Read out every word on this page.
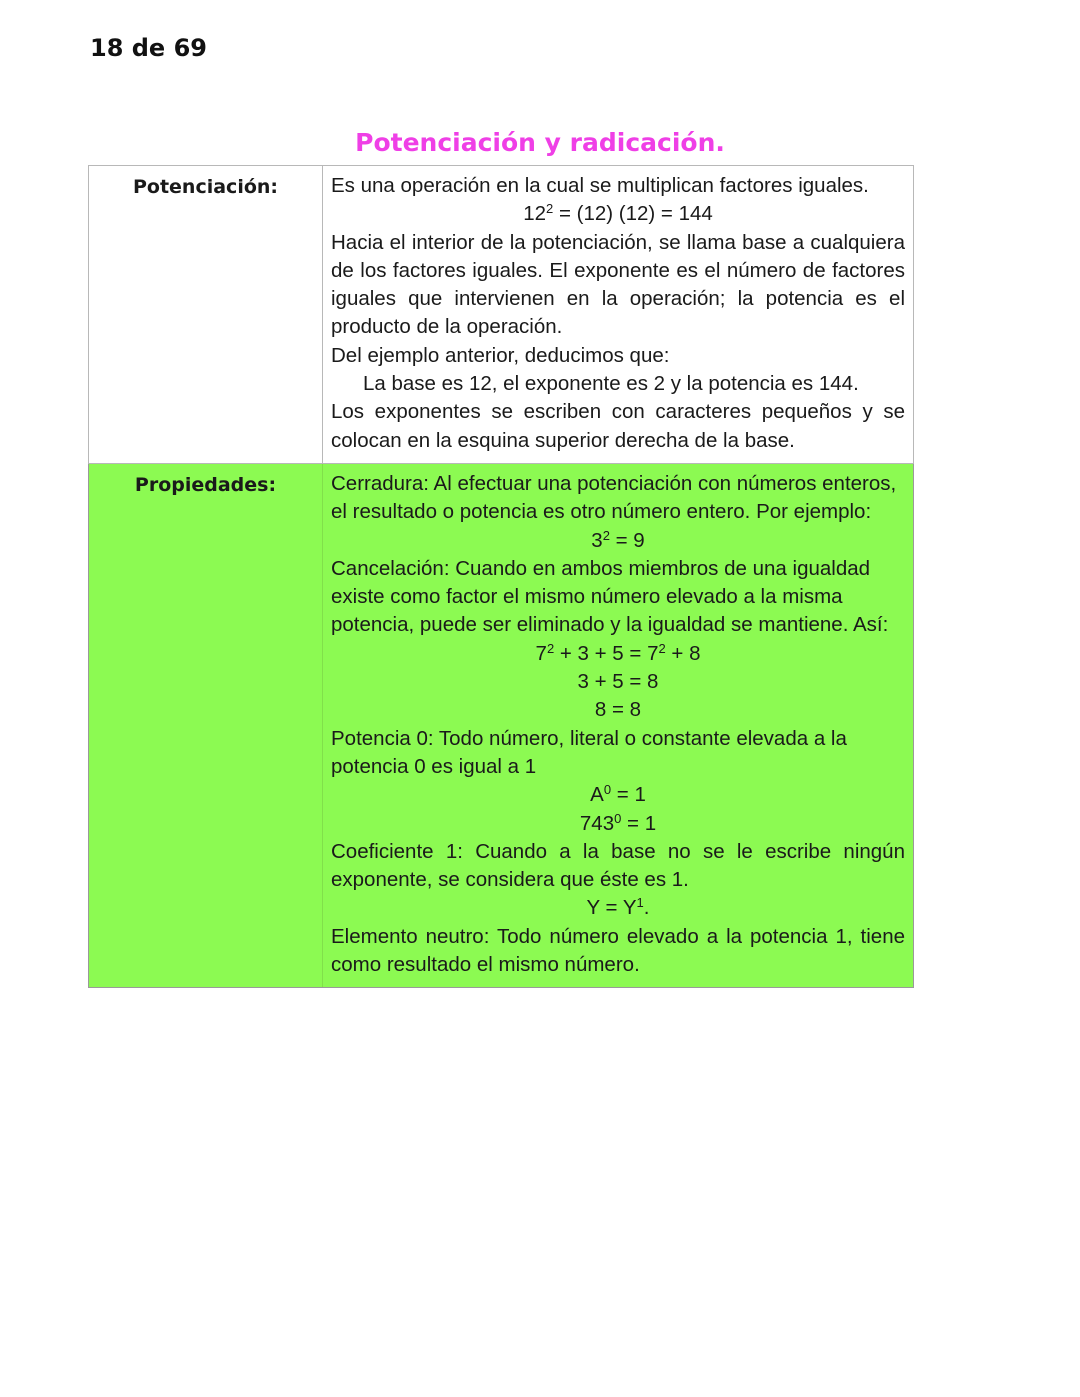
18 de 69
Potenciación y radicación.
Potenciación:	Es una operación en la cual se multiplican factores iguales.

$12^2 = (12) (12) = 144$

Hacia el interior de la potenciación, se llama base a cualquiera de los factores iguales. El exponente es el número de factores iguales que intervienen en la operación; la potencia es el producto de la operación.

Del ejemplo anterior, deducimos que:

La base es 12, el exponente es 2 y la potencia es 144.

Los exponentes se escriben con caracteres pequeños y se colocan en la esquina superior derecha de la base.

Propiedades:	Cerradura: Al efectuar una potenciación con números enteros, el resultado o potencia es otro número entero. Por ejemplo:

$3^2 = 9$

Cancelación: Cuando en ambos miembros de una igualdad existe como factor el mismo número elevado a la misma potencia, puede ser eliminado y la igualdad se mantiene. Así:

$7^2 + 3 + 5 = 7^2 + 8$

3 + 5 = 8

8 = 8

Potencia 0: Todo número, literal o constante elevada a la potencia 0 es igual a 1

$A^0 = 1$

$743^0 = 1$

Coeficiente 1: Cuando a la base no se le escribe ningún exponente, se considera que éste es 1.

$Y = Y^1$.

Elemento neutro: Todo número elevado a la potencia 1, tiene como resultado el mismo número.
